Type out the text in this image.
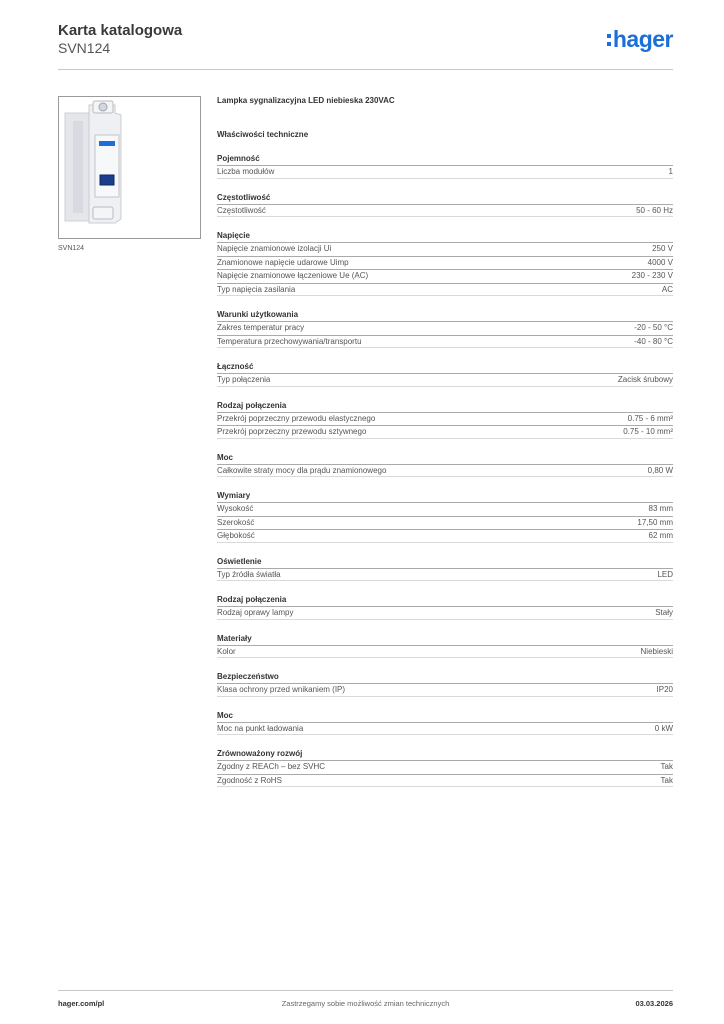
Karta katalogowa
SVN124	hager
SVN124
Lampka sygnalizacyjna LED niebieska 230VAC
Właściwości techniczne
Pojemność
Liczba modułów	1
Częstotliwość
Częstotliwość	50 - 60 Hz
Napięcie
Napięcie znamionowe izolacji Ui	250 V
Znamionowe napięcie udarowe Uimp	4000 V
Napięcie znamionowe łączeniowe Ue (AC)	230 - 230 V
Typ napięcia zasilania	AC
Warunki użytkowania
Zakres temperatur pracy	-20 - 50 °C
Temperatura przechowywania/transportu	-40 - 80 °C
Łączność
Typ połączenia	Zacisk śrubowy
Rodzaj połączenia
Przekrój poprzeczny przewodu elastycznego	0.75 - 6 mm²
Przekrój poprzeczny przewodu sztywnego	0.75 - 10 mm²
Moc
Całkowite straty mocy dla prądu znamionowego	0,80 W
Wymiary
Wysokość	83 mm
Szerokość	17,50 mm
Głębokość	62 mm
Oświetlenie
Typ źródła światła	LED
Rodzaj połączenia
Rodzaj oprawy lampy	Stały
Materiały
Kolor	Niebieski
Bezpieczeństwo
Klasa ochrony przed wnikaniem (IP)	IP20
Moc
Moc na punkt ładowania	0 kW
Zrównoważony rozwój
Zgodny z REACh – bez SVHC	Tak
Zgodność z RoHS	Tak
hager.com/pl	Zastrzegamy sobie możliwość zmian technicznych	03.03.2026
